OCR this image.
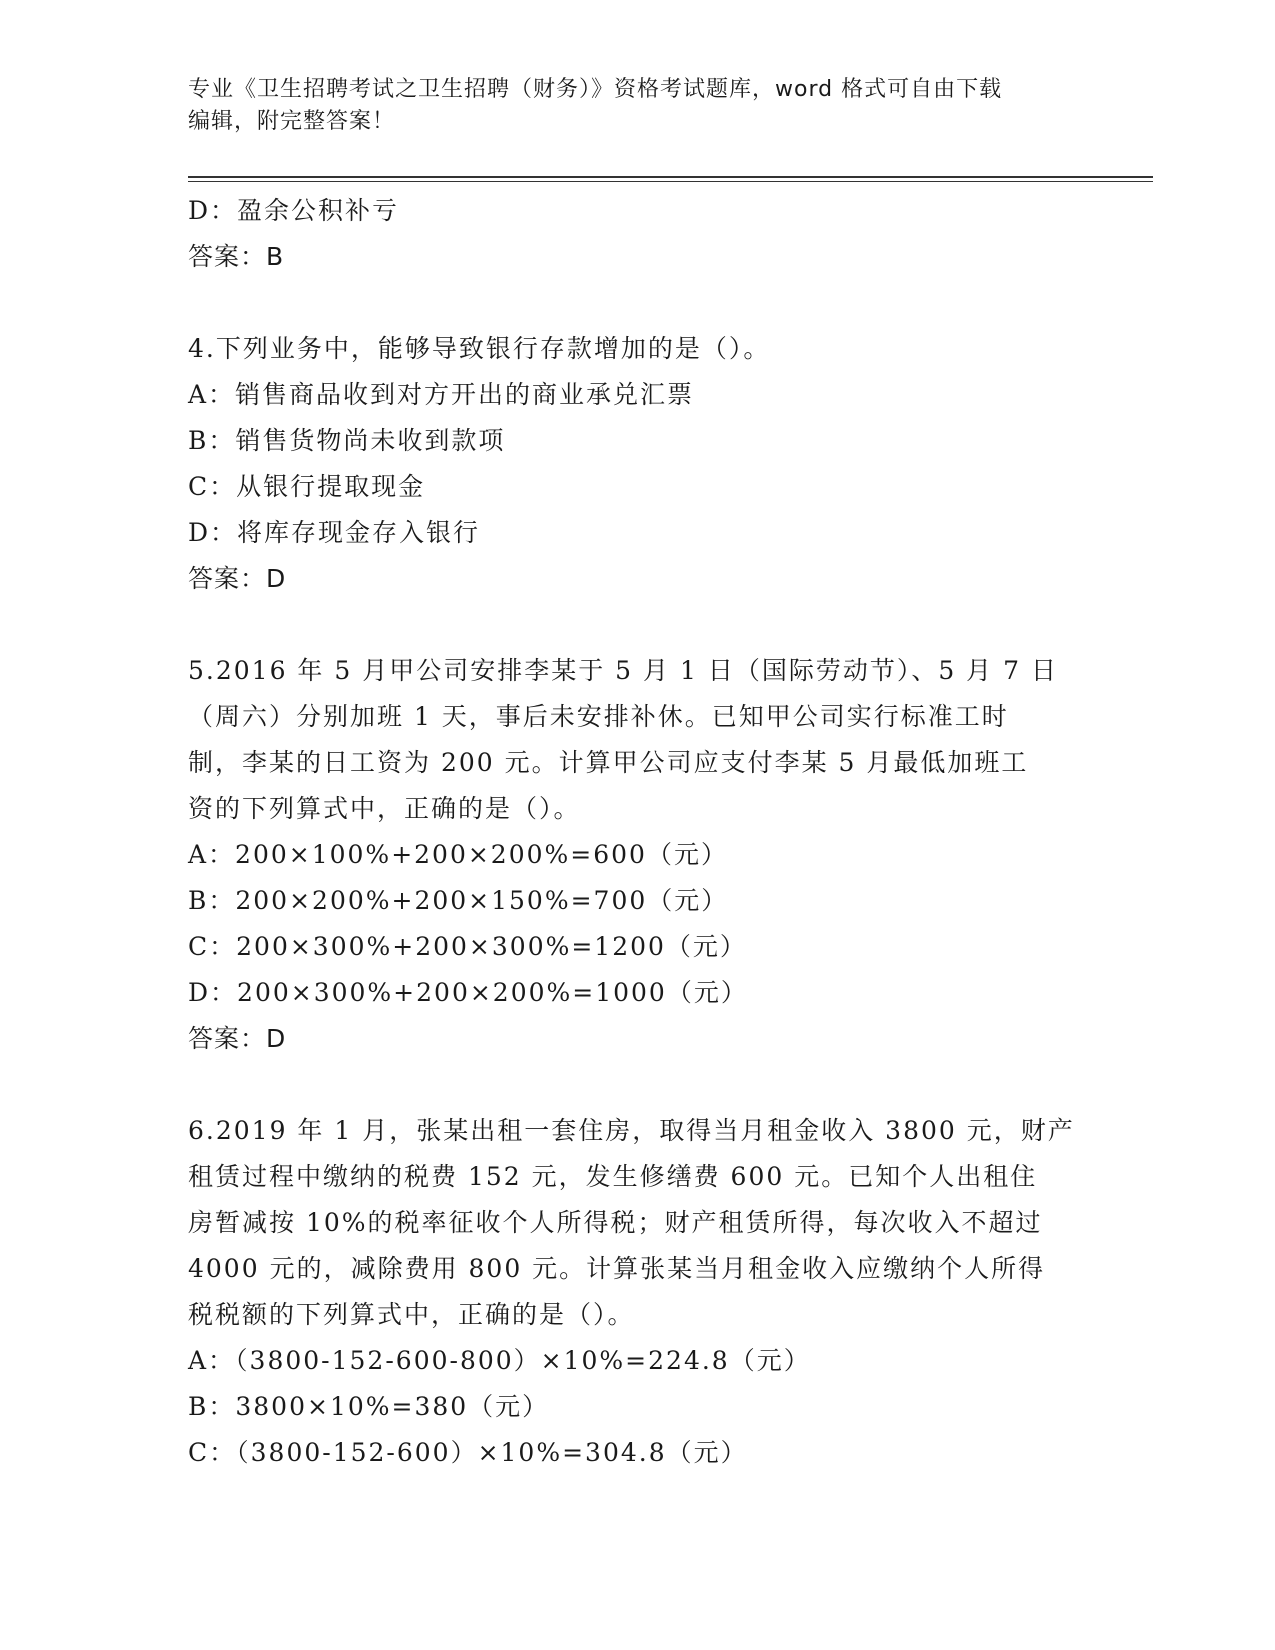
专业《卫生招聘考试之卫生招聘（财务）》资格考试题库，word 格式可自由下载
编辑，附完整答案！
D：盈余公积补亏
答案：B
4.下列业务中，能够导致银行存款增加的是（）。
A：销售商品收到对方开出的商业承兑汇票
B：销售货物尚未收到款项
C：从银行提取现金
D：将库存现金存入银行
答案：D
5.2016 年 5 月甲公司安排李某于 5 月 1 日（国际劳动节）、5 月 7 日
（周六）分别加班 1 天，事后未安排补休。已知甲公司实行标准工时
制，李某的日工资为 200 元。计算甲公司应支付李某 5 月最低加班工
资的下列算式中，正确的是（）。
A：200×100%+200×200%=600（元）
B：200×200%+200×150%=700（元）
C：200×300%+200×300%=1200（元）
D：200×300%+200×200%=1000（元）
答案：D
6.2019 年 1 月，张某出租一套住房，取得当月租金收入 3800 元，财产
租赁过程中缴纳的税费 152 元，发生修缮费 600 元。已知个人出租住
房暂减按 10%的税率征收个人所得税；财产租赁所得，每次收入不超过
4000 元的，减除费用 800 元。计算张某当月租金收入应缴纳个人所得
税税额的下列算式中，正确的是（）。
A：（3800-152-600-800）×10%=224.8（元）
B：3800×10%=380（元）
C：（3800-152-600）×10%=304.8（元）
